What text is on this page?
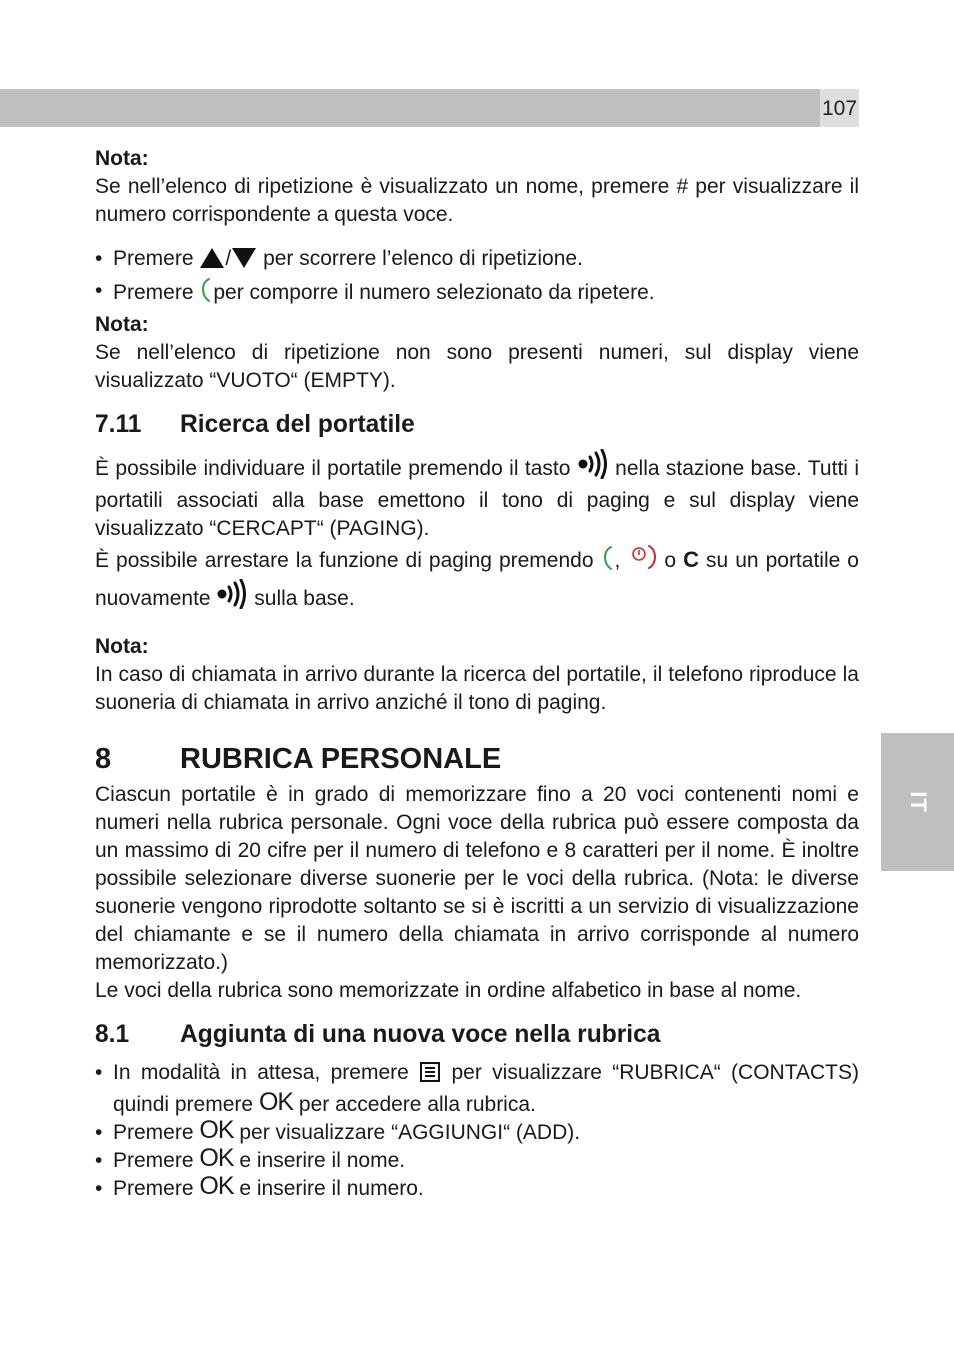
107
IT

Nota:

Se nell’elenco di ripetizione è visualizzato un nome, premere # per visualizzare il numero corrispondente a questa voce.

• Premere / per scorrere l’elenco di ripetizione.
• Premere per comporre il numero selezionato da ripetere.

Nota:

Se nell’elenco di ripetizione non sono presenti numeri, sul display viene visualizzato “VUOTO“ (EMPTY).

7.11	Ricerca del portatile

È possibile individuare il portatile premendo il tasto nella stazione base. Tutti i portatili associati alla base emettono il tono di paging e sul display viene visualizzato “CERCAPT“ (PAGING).

È possibile arrestare la funzione di paging premendo , o C su un portatile o nuovamente sulla base.

Nota:

In caso di chiamata in arrivo durante la ricerca del portatile, il telefono riproduce la suoneria di chiamata in arrivo anziché il tono di paging.

8	RUBRICA PERSONALE

Ciascun portatile è in grado di memorizzare fino a 20 voci contenenti nomi e numeri nella rubrica personale. Ogni voce della rubrica può essere composta da un massimo di 20 cifre per il numero di telefono e 8 caratteri per il nome. È inoltre possibile selezionare diverse suonerie per le voci della rubrica. (Nota: le diverse suonerie vengono riprodotte soltanto se si è iscritti a un servizio di visualizzazione del chiamante e se il numero della chiamata in arrivo corrisponde al numero memorizzato.)

Le voci della rubrica sono memorizzate in ordine alfabetico in base al nome.

8.1	Aggiunta di una nuova voce nella rubrica
• In modalità in attesa, premere per visualizzare “RUBRICA“ (CONTACTS) quindi premere OK per accedere alla rubrica.
• Premere OK per visualizzare “AGGIUNGI“ (ADD).
• Premere OK e inserire il nome.
• Premere OK e inserire il numero.
